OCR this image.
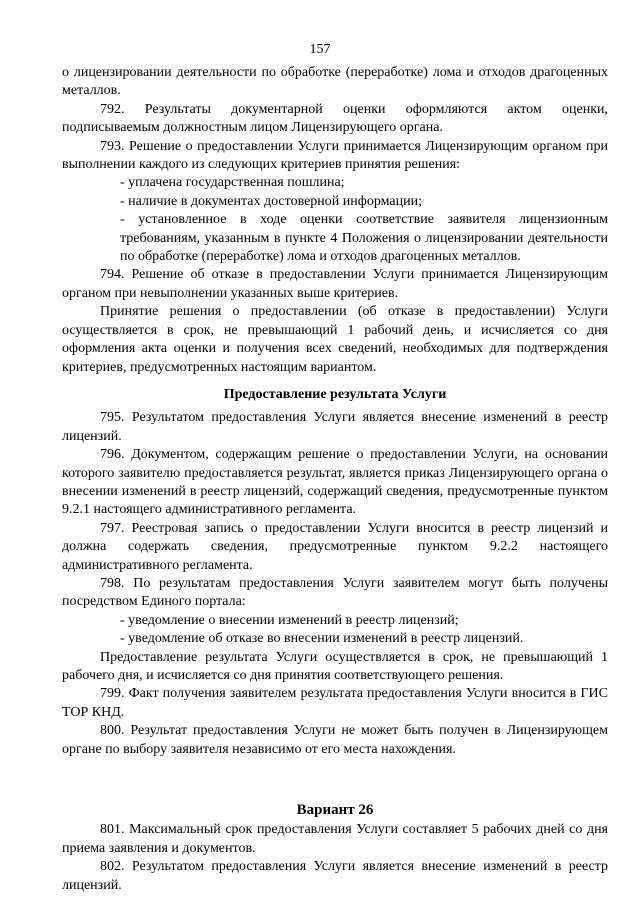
157

о лицензировании деятельности по обработке (переработке) лома и отходов драгоценных металлов.

792. Результаты документарной оценки оформляются актом оценки, подписываемым должностным лицом Лицензирующего органа.

793. Решение о предоставлении Услуги принимается Лицензирующим органом при выполнении каждого из следующих критериев принятия решения:

- уплачена государственная пошлина;

- наличие в документах достоверной информации;

- установленное в ходе оценки соответствие заявителя лицензионным требованиям, указанным в пункте 4 Положения о лицензировании деятельности по обработке (переработке) лома и отходов драгоценных металлов.

794. Решение об отказе в предоставлении Услуги принимается Лицензирующим органом при невыполнении указанных выше критериев.

Принятие решения о предоставлении (об отказе в предоставлении) Услуги осуществляется в срок, не превышающий 1 рабочий день, и исчисляется со дня оформления акта оценки и получения всех сведений, необходимых для подтверждения критериев, предусмотренных настоящим вариантом.

Предоставление результата Услуги

795. Результатом предоставления Услуги является внесение изменений в реестр лицензий.

796. Документом, содержащим решение о предоставлении Услуги, на основании которого заявителю предоставляется результат, является приказ Лицензирующего органа о внесении изменений в реестр лицензий, содержащий сведения, предусмотренные пунктом 9.2.1 настоящего административного регламента.

797. Реестровая запись о предоставлении Услуги вносится в реестр лицензий и должна содержать сведения, предусмотренные пунктом 9.2.2 настоящего административного регламента.

798. По результатам предоставления Услуги заявителем могут быть получены посредством Единого портала:

- уведомление о внесении изменений в реестр лицензий;

- уведомление об отказе во внесении изменений в реестр лицензий.

Предоставление результата Услуги осуществляется в срок, не превышающий 1 рабочего дня, и исчисляется со дня принятия соответствующего решения.

799. Факт получения заявителем результата предоставления Услуги вносится в ГИС ТОР КНД.

800. Результат предоставления Услуги не может быть получен в Лицензирующем органе по выбору заявителя независимо от его места нахождения.

Вариант 26

801. Максимальный срок предоставления Услуги составляет 5 рабочих дней со дня приема заявления и документов.

802. Результатом предоставления Услуги является внесение изменений в реестр лицензий.
